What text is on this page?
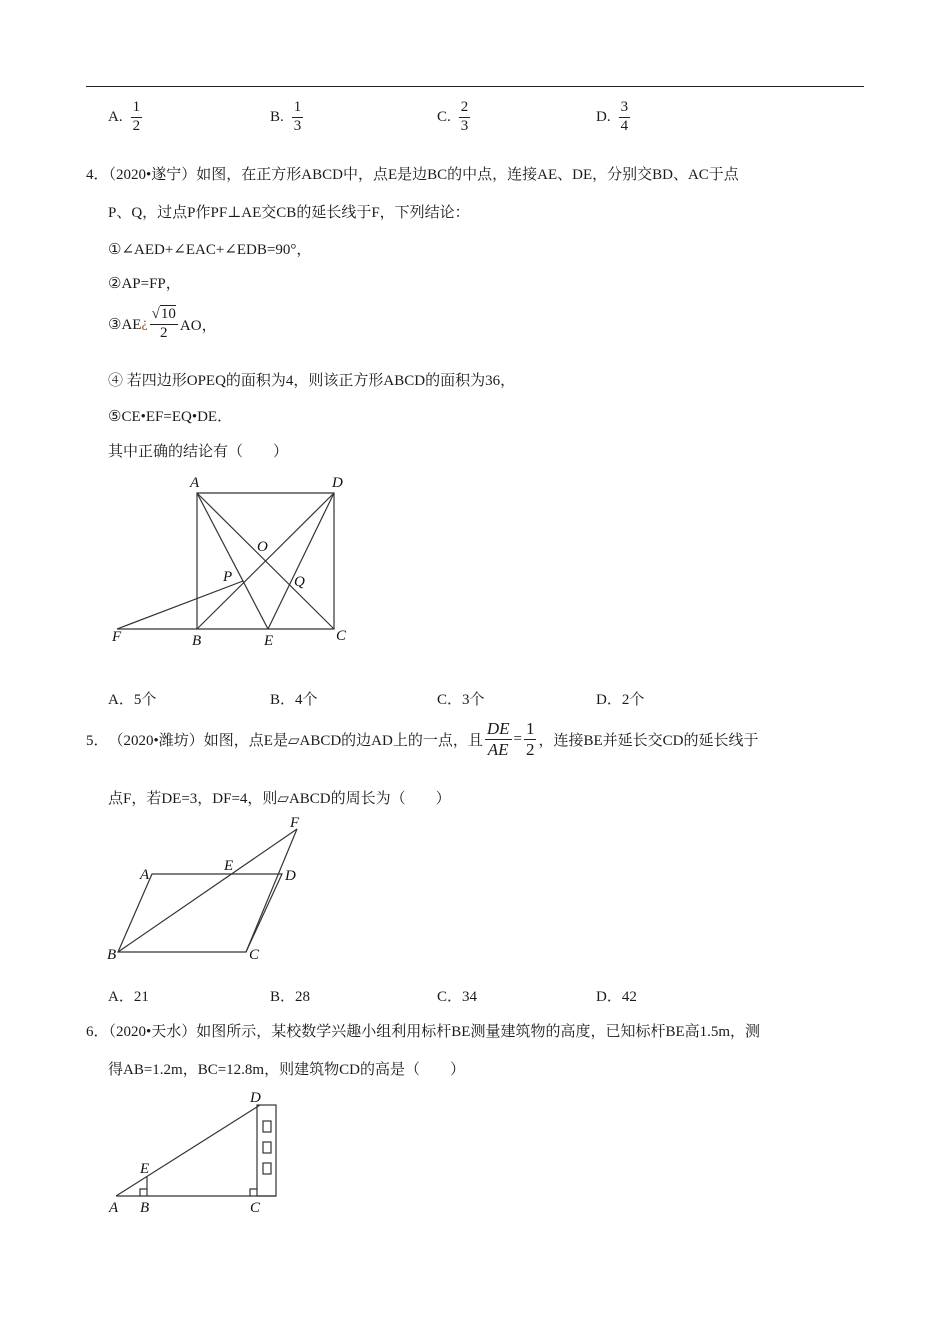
A. $\frac{1}{2}$	B. $\frac{1}{3}$	C. $\frac{2}{3}$	D. $\frac{3}{4}$
4．（2020•遂宁）如图，在正方形ABCD中，点E是边BC的中点，连接AE、DE，分别交BD、AC于点
P、Q，过点P作PF⊥AE交CB的延长线于F，下列结论：
①∠AED+∠EAC+∠EDB=90°，
②AP=FP，
③AE ¿ $\frac{√10}{2}$ AO，
④ 若四边形OPEQ的面积为4，则该正方形ABCD的面积为36，
⑤CE•EF=EQ•DE．
其中正确的结论有（　　）
A	D
B	E	C
F
O
P	Q
A．5个	B．4个	C．3个	D．2个
5． （2020•潍坊） 如图，点E是▱ABCD的边AD上的一点，且 $\frac{DE}{AE} = \frac{1}{2}$ ，连接BE并延长交CD的延长线于
点F，若DE=3，DF=4，则▱ABCD的周长为（　　）
A
E
D
F
B	C
A．21	B．28	C．34	D．42
6．（2020•天水）如图所示，某校数学兴趣小组利用标杆BE测量建筑物的高度，已知标杆BE高1.5m，测
得AB=1.2m，BC=12.8m，则建筑物CD的高是（　　）
D
E
A B	C
